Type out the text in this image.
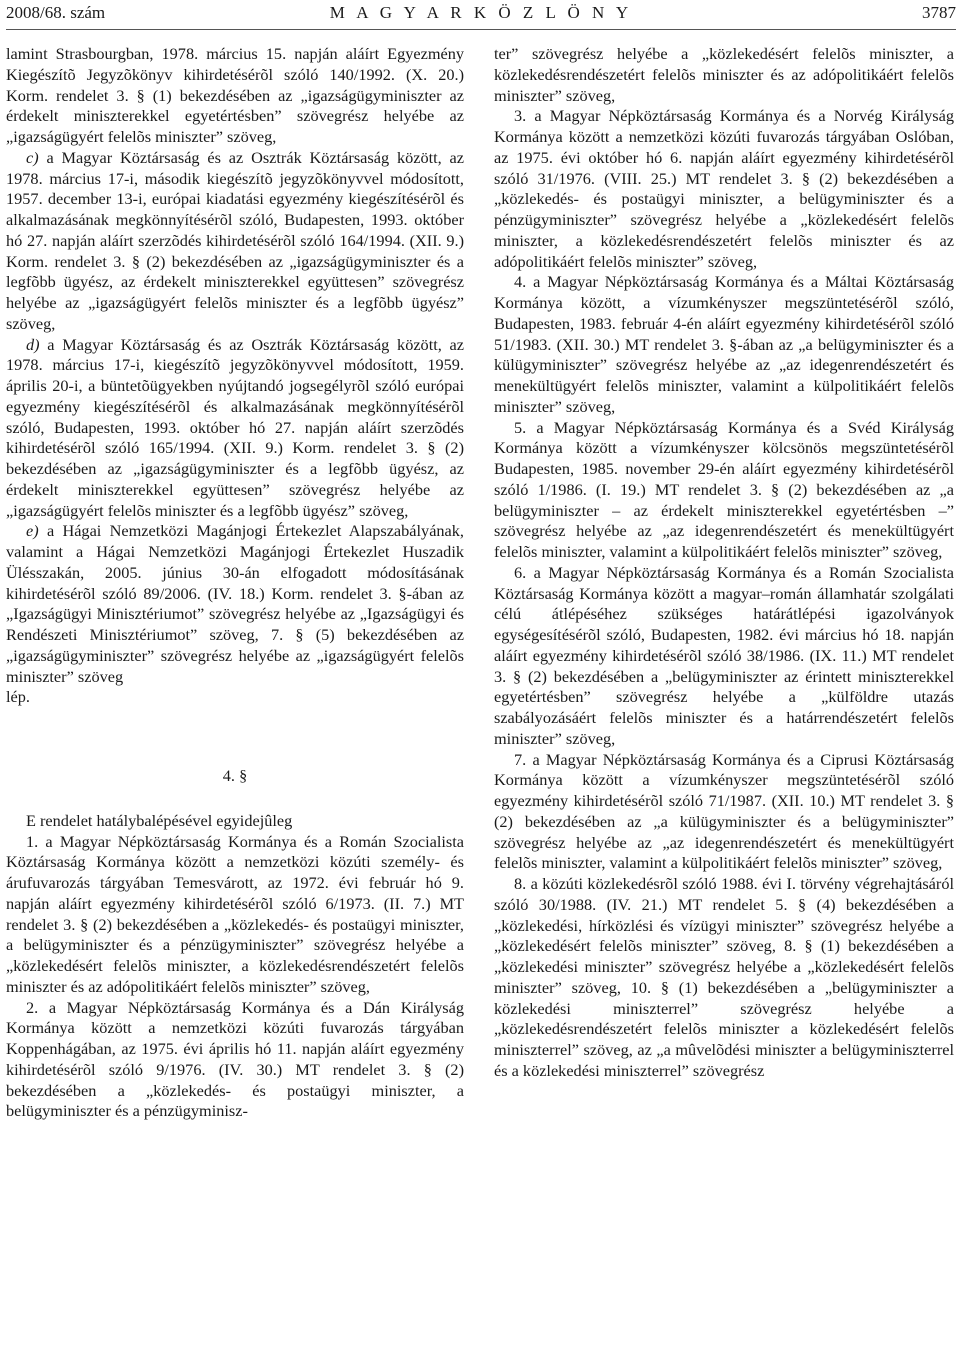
2008/68. szám	M A G Y A R K Ö Z L Ö N Y	3787

lamint Strasbourgban, 1978. március 15. napján aláírt Egyezmény Kiegészítõ Jegyzõkönyv kihirdetésérõl szóló 140/1992. (X. 20.) Korm. rendelet 3. § (1) bekezdésében az „igazságügyminiszter az érdekelt miniszterekkel egyetértésben” szövegrész helyébe az „igazságügyért felelõs miniszter” szöveg,

c) a Magyar Köztársaság és az Osztrák Köztársaság között, az 1978. március 17-i, második kiegészítõ jegyzõkönyvvel módosított, 1957. december 13-i, európai kiadatási egyezmény kiegészítésérõl és alkalmazásának megkönnyítésérõl szóló, Budapesten, 1993. október hó 27. napján aláírt szerzõdés kihirdetésérõl szóló 164/1994. (XII. 9.) Korm. rendelet 3. § (2) bekezdésében az „igazságügyminiszter és a legfõbb ügyész, az érdekelt miniszterekkel együttesen” szövegrész helyébe az „igazságügyért felelõs miniszter és a legfõbb ügyész” szöveg,

d) a Magyar Köztársaság és az Osztrák Köztársaság között, az 1978. március 17-i, kiegészítõ jegyzõkönyvvel módosított, 1959. április 20-i, a büntetõügyekben nyújtandó jogsegélyrõl szóló európai egyezmény kiegészítésérõl és alkalmazásának megkönnyítésérõl szóló, Budapesten, 1993. október hó 27. napján aláírt szerzõdés kihirdetésérõl szóló 165/1994. (XII. 9.) Korm. rendelet 3. § (2) bekezdésében az „igazságügyminiszter és a legfõbb ügyész, az érdekelt miniszterekkel együttesen” szövegrész helyébe az „igazságügyért felelõs miniszter és a legfõbb ügyész” szöveg,

e) a Hágai Nemzetközi Magánjogi Értekezlet Alapszabályának, valamint a Hágai Nemzetközi Magánjogi Értekezlet Huszadik Ülésszakán, 2005. június 30-án elfogadott módosításának kihirdetésérõl szóló 89/2006. (IV. 18.) Korm. rendelet 3. §-ában az „Igazságügyi Minisztériumot” szövegrész helyébe az „Igazságügyi és Rendészeti Minisztériumot” szöveg, 7. § (5) bekezdésében az „igazságügyminiszter” szövegrész helyébe az „igazságügyért felelõs miniszter” szöveg

lép.

4. §

E rendelet hatálybalépésével egyidejûleg

1. a Magyar Népköztársaság Kormánya és a Román Szocialista Köztársaság Kormánya között a nemzetközi közúti személy- és árufuvarozás tárgyában Temesvárott, az 1972. évi február hó 9. napján aláírt egyezmény kihirdetésérõl szóló 6/1973. (II. 7.) MT rendelet 3. § (2) bekezdésében a „közlekedés- és postaügyi miniszter, a belügyminiszter és a pénzügyminiszter” szövegrész helyébe a „közlekedésért felelõs miniszter, a közlekedésrendészetért felelõs miniszter és az adópolitikáért felelõs miniszter” szöveg,

2. a Magyar Népköztársaság Kormánya és a Dán Királyság Kormánya között a nemzetközi közúti fuvarozás tárgyában Koppenhágában, az 1975. évi április hó 11. napján aláírt egyezmény kihirdetésérõl szóló 9/1976. (IV. 30.) MT rendelet 3. § (2) bekezdésében a „közlekedés- és postaügyi miniszter, a belügyminiszter és a pénzügyminisz-

ter” szövegrész helyébe a „közlekedésért felelõs miniszter, a közlekedésrendészetért felelõs miniszter és az adópolitikáért felelõs miniszter” szöveg,

3. a Magyar Népköztársaság Kormánya és a Norvég Királyság Kormánya között a nemzetközi közúti fuvarozás tárgyában Oslóban, az 1975. évi október hó 6. napján aláírt egyezmény kihirdetésérõl szóló 31/1976. (VIII. 25.) MT rendelet 3. § (2) bekezdésében a „közlekedés- és postaügyi miniszter, a belügyminiszter és a pénzügyminiszter” szövegrész helyébe a „közlekedésért felelõs miniszter, a közlekedésrendészetért felelõs miniszter és az adópolitikáért felelõs miniszter” szöveg,

4. a Magyar Népköztársaság Kormánya és a Máltai Köztársaság Kormánya között, a vízumkényszer megszüntetésérõl szóló, Budapesten, 1983. február 4-én aláírt egyezmény kihirdetésérõl szóló 51/1983. (XII. 30.) MT rendelet 3. §-ában az „a belügyminiszter és a külügyminiszter” szövegrész helyébe az „az idegenrendészetért és menekültügyért felelõs miniszter, valamint a külpolitikáért felelõs miniszter” szöveg,

5. a Magyar Népköztársaság Kormánya és a Svéd Királyság Kormánya között a vízumkényszer kölcsönös megszüntetésérõl Budapesten, 1985. november 29-én aláírt egyezmény kihirdetésérõl szóló 1/1986. (I. 19.) MT rendelet 3. § (2) bekezdésében az „a belügyminiszter – az érdekelt miniszterekkel egyetértésben –” szövegrész helyébe az „az idegenrendészetért és menekültügyért felelõs miniszter, valamint a külpolitikáért felelõs miniszter” szöveg,

6. a Magyar Népköztársaság Kormánya és a Román Szocialista Köztársaság Kormánya között a magyar–román államhatár szolgálati célú átlépéséhez szükséges határátlépési igazolványok egységesítésérõl szóló, Budapesten, 1982. évi március hó 18. napján aláírt egyezmény kihirdetésérõl szóló 38/1986. (IX. 11.) MT rendelet 3. § (2) bekezdésében a „belügyminiszter az érintett miniszterekkel egyetértésben” szövegrész helyébe a „külföldre utazás szabályozásáért felelõs miniszter és a határrendészetért felelõs miniszter” szöveg,

7. a Magyar Népköztársaság Kormánya és a Ciprusi Köztársaság Kormánya között a vízumkényszer megszüntetésérõl szóló egyezmény kihirdetésérõl szóló 71/1987. (XII. 10.) MT rendelet 3. § (2) bekezdésében az „a külügyminiszter és a belügyminiszter” szövegrész helyébe az „az idegenrendészetért és menekültügyért felelõs miniszter, valamint a külpolitikáért felelõs miniszter” szöveg,

8. a közúti közlekedésrõl szóló 1988. évi I. törvény végrehajtásáról szóló 30/1988. (IV. 21.) MT rendelet 5. § (4) bekezdésében a „közlekedési, hírközlési és vízügyi miniszter” szövegrész helyébe a „közlekedésért felelõs miniszter” szöveg, 8. § (1) bekezdésében a „közlekedési miniszter” szövegrész helyébe a „közlekedésért felelõs miniszter” szöveg, 10. § (1) bekezdésében a „belügyminiszter a közlekedési miniszterrel” szövegrész helyébe a „közlekedésrendészetért felelõs miniszter a közlekedésért felelõs miniszterrel” szöveg, az „a mûvelõdési miniszter a belügyminiszterrel és a közlekedési miniszterrel” szövegrész
